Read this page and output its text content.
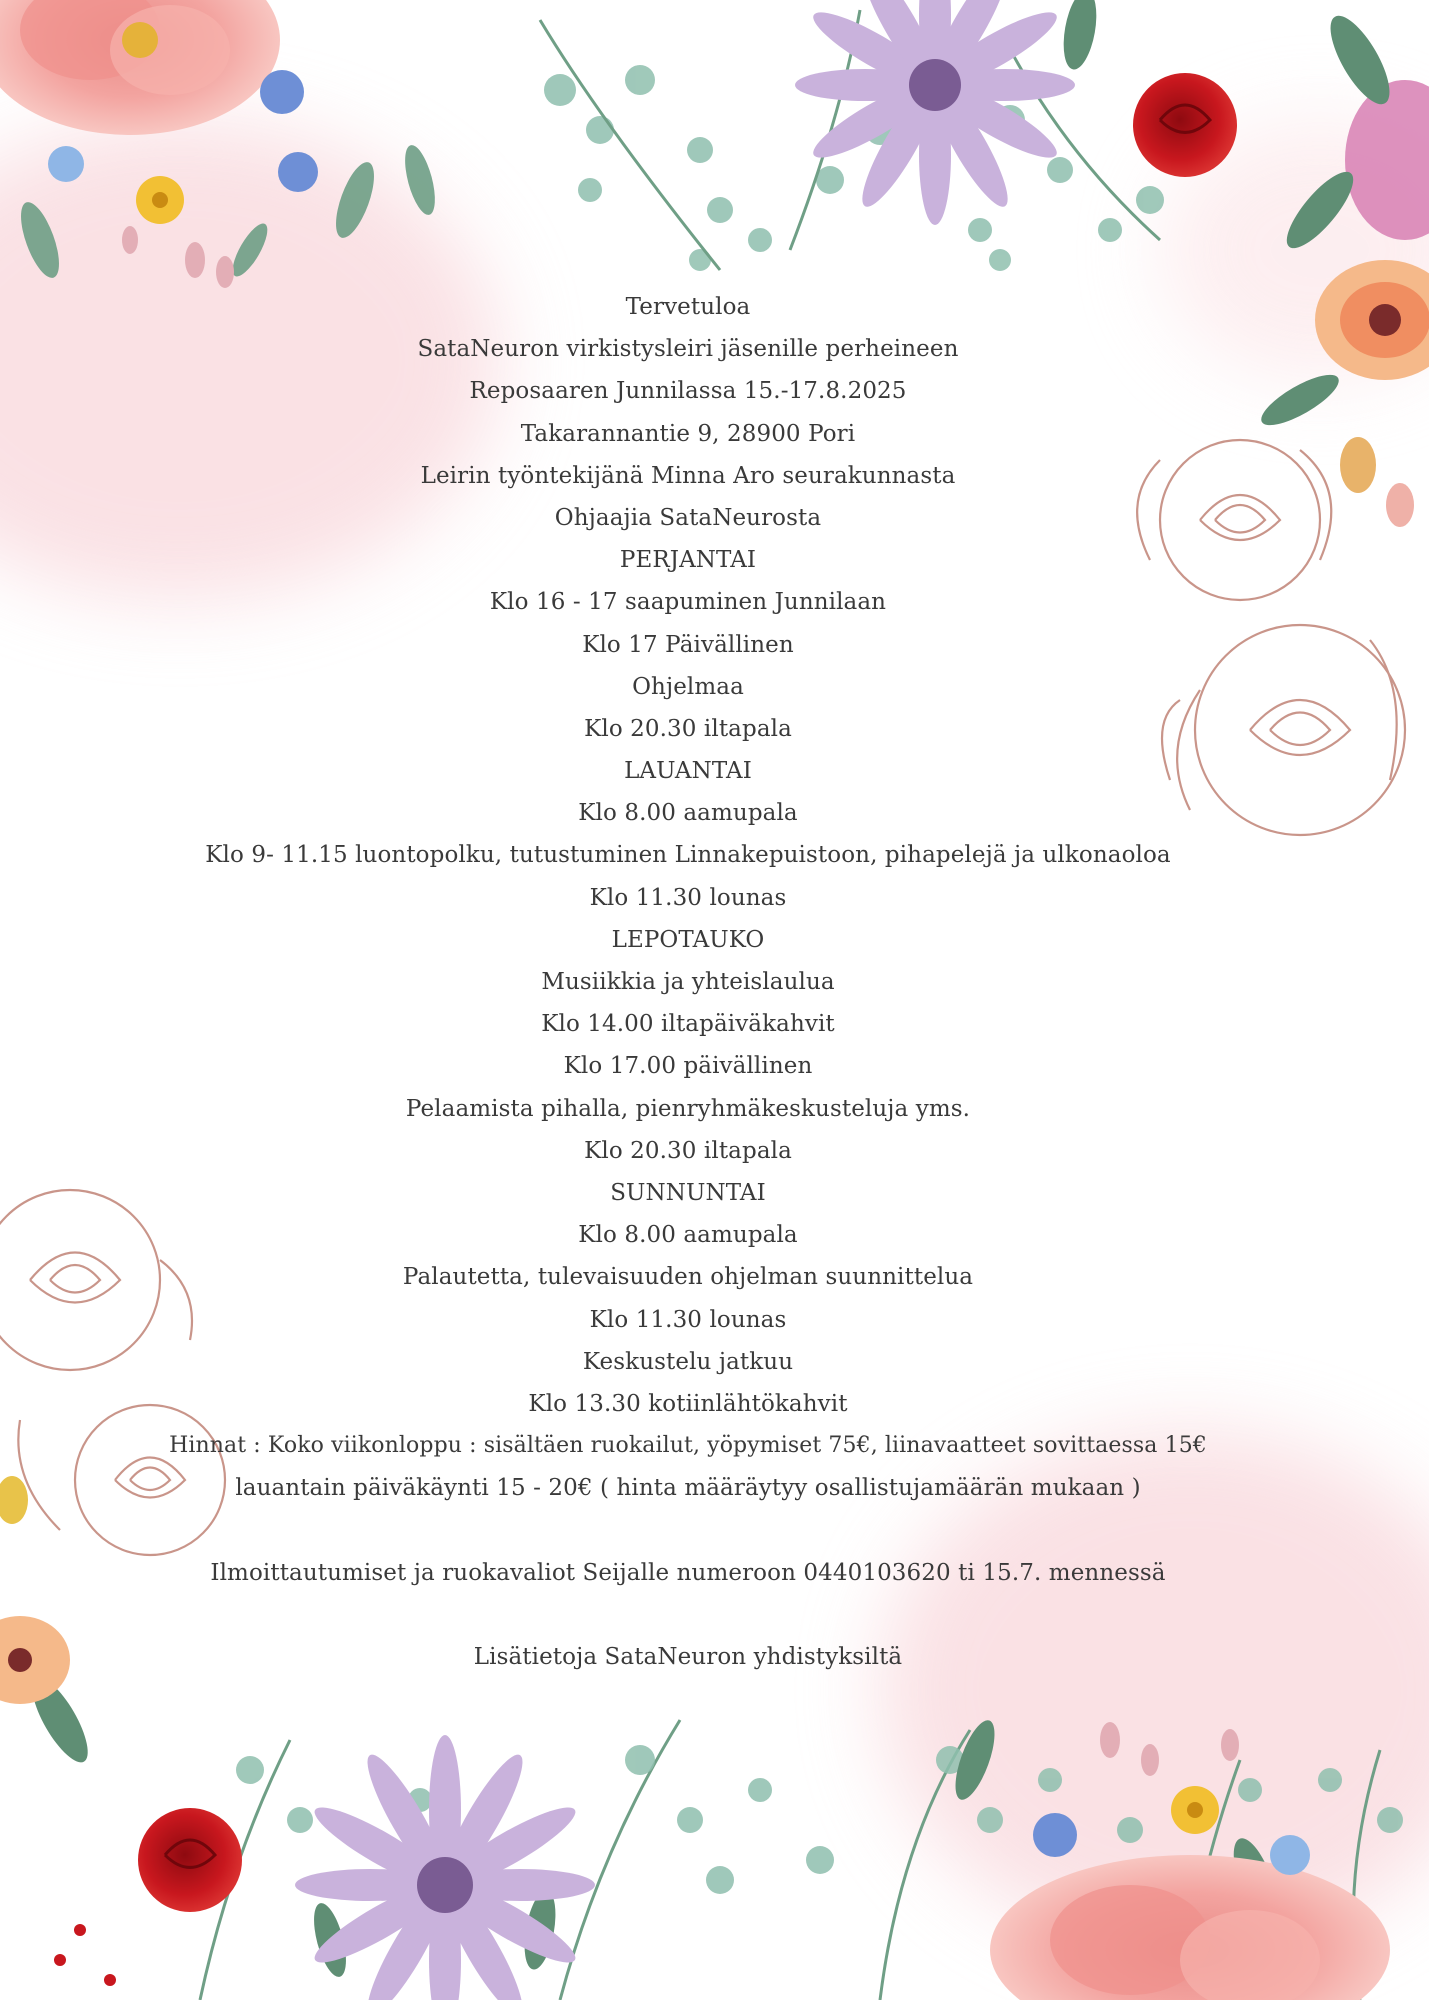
Tervetuloa
SataNeuron virkistysleiri jäsenille perheineen
Reposaaren Junnilassa 15.-17.8.2025
Takarannantie 9, 28900 Pori
Leirin työntekijänä Minna Aro seurakunnasta
Ohjaajia SataNeurosta
PERJANTAI
Klo 16 - 17 saapuminen Junnilaan
Klo 17 Päivällinen
Ohjelmaa
Klo 20.30 iltapala
LAUANTAI
Klo 8.00 aamupala
Klo 9- 11.15 luontopolku, tutustuminen Linnakepuistoon, pihapelejä ja ulkonaoloa
Klo 11.30 lounas
LEPOTAUKO
Musiikkia ja yhteislaulua
Klo 14.00 iltapäiväkahvit
Klo 17.00 päivällinen
Pelaamista pihalla, pienryhmäkeskusteluja yms.
Klo 20.30 iltapala
SUNNUNTAI
Klo 8.00 aamupala
Palautetta, tulevaisuuden ohjelman suunnittelua
Klo 11.30 lounas
Keskustelu jatkuu
Klo 13.30 kotiinlähtökahvit
Hinnat : Koko viikonloppu : sisältäen ruokailut, yöpymiset 75€, liinavaatteet sovittaessa 15€
lauantain päiväkäynti 15 - 20€ ( hinta määräytyy osallistujamäärän mukaan )
Ilmoittautumiset ja ruokavaliot Seijalle numeroon 0440103620 ti 15.7. mennessä
Lisätietoja SataNeuron yhdistyksiltä
